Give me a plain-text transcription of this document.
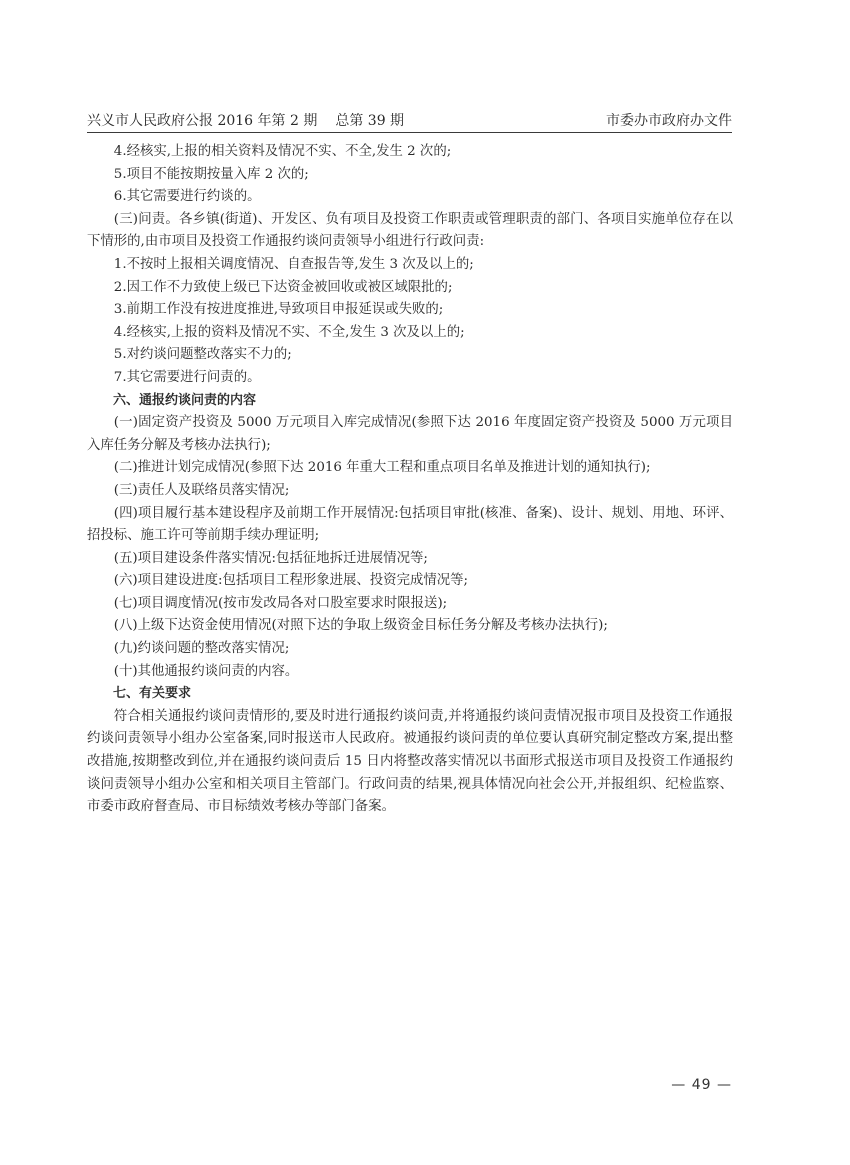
兴义市人民政府公报 2016 年第 2 期 总第 39 期	市委办市政府办文件

4.经核实,上报的相关资料及情况不实、不全,发生 2 次的;

5.项目不能按期按量入库 2 次的;

6.其它需要进行约谈的。

(三)问责。各乡镇(街道)、开发区、负有项目及投资工作职责或管理职责的部门、各项目实施单位存在以下情形的,由市项目及投资工作通报约谈问责领导小组进行行政问责:

1.不按时上报相关调度情况、自查报告等,发生 3 次及以上的;

2.因工作不力致使上级已下达资金被回收或被区域限批的;

3.前期工作没有按进度推进,导致项目申报延误或失败的;

4.经核实,上报的资料及情况不实、不全,发生 3 次及以上的;

5.对约谈问题整改落实不力的;

7.其它需要进行问责的。

六、通报约谈问责的内容

(一)固定资产投资及 5000 万元项目入库完成情况(参照下达 2016 年度固定资产投资及 5000 万元项目入库任务分解及考核办法执行);

(二)推进计划完成情况(参照下达 2016 年重大工程和重点项目名单及推进计划的通知执行);

(三)责任人及联络员落实情况;

(四)项目履行基本建设程序及前期工作开展情况:包括项目审批(核准、备案)、设计、规划、用地、环评、招投标、施工许可等前期手续办理证明;

(五)项目建设条件落实情况:包括征地拆迁进展情况等;

(六)项目建设进度:包括项目工程形象进展、投资完成情况等;

(七)项目调度情况(按市发改局各对口股室要求时限报送);

(八)上级下达资金使用情况(对照下达的争取上级资金目标任务分解及考核办法执行);

(九)约谈问题的整改落实情况;

(十)其他通报约谈问责的内容。

七、有关要求

符合相关通报约谈问责情形的,要及时进行通报约谈问责,并将通报约谈问责情况报市项目及投资工作通报约谈问责领导小组办公室备案,同时报送市人民政府。被通报约谈问责的单位要认真研究制定整改方案,提出整改措施,按期整改到位,并在通报约谈问责后 15 日内将整改落实情况以书面形式报送市项目及投资工作通报约谈问责领导小组办公室和相关项目主管部门。行政问责的结果,视具体情况向社会公开,并报组织、纪检监察、市委市政府督查局、市目标绩效考核办等部门备案。

— 49 —
